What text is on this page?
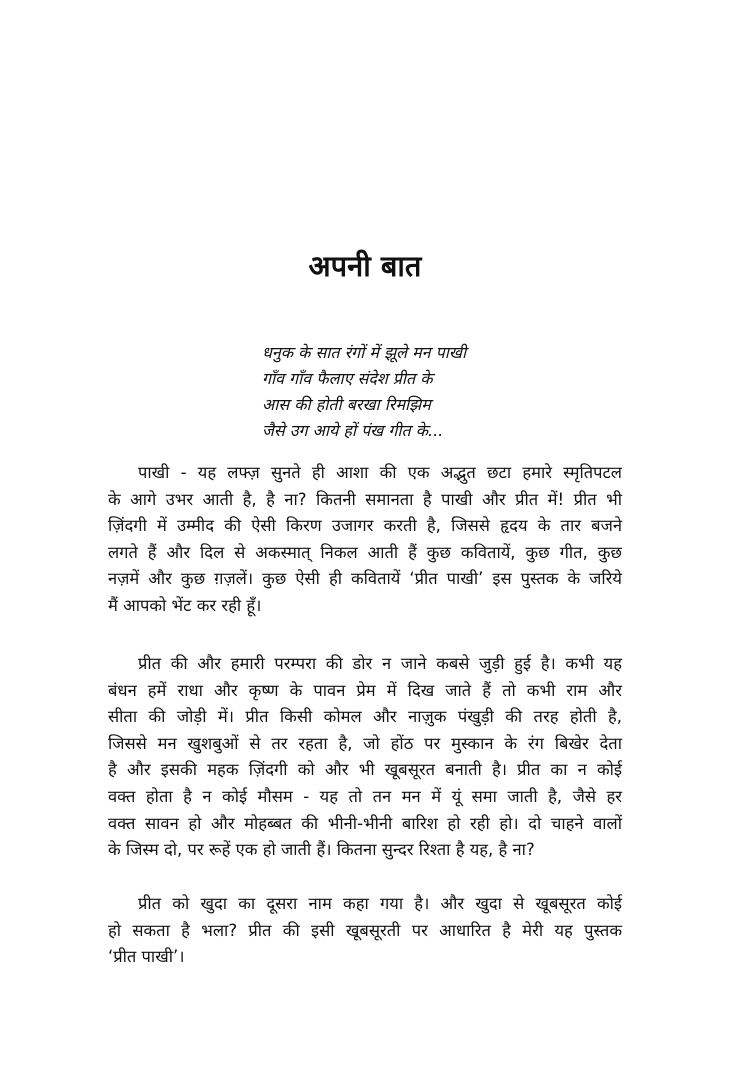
अपनी बात
धनुक के सात रंगों में झूले मन पाखी
गाँव गाँव फैलाए संदेश प्रीत के
आस की होती बरखा रिमझिम
जैसे उग आये हों पंख गीत के...
पाखी - यह लफ्ज़ सुनते ही आशा की एक अद्भुत छटा हमारे स्मृतिपटल
के आगे उभर आती है, है ना? कितनी समानता है पाखी और प्रीत में! प्रीत भी
ज़िंदगी में उम्मीद की ऐसी किरण उजागर करती है, जिससे हृदय के तार बजने
लगते हैं और दिल से अकस्मात् निकल आती हैं कुछ कवितायें, कुछ गीत, कुछ
नज़में और कुछ ग़ज़लें। कुछ ऐसी ही कवितायें ‘प्रीत पाखी’ इस पुस्तक के जरिये
मैं आपको भेंट कर रही हूँ।
प्रीत की और हमारी परम्परा की डोर न जाने कबसे जुड़ी हुई है। कभी यह
बंधन हमें राधा और कृष्ण के पावन प्रेम में दिख जाते हैं तो कभी राम और
सीता की जोड़ी में। प्रीत किसी कोमल और नाज़ुक पंखुड़ी की तरह होती है,
जिससे मन खुशबुओं से तर रहता है, जो होंठ पर मुस्कान के रंग बिखेर देता
है और इसकी महक ज़िंदगी को और भी खूबसूरत बनाती है। प्रीत का न कोई
वक्त होता है न कोई मौसम - यह तो तन मन में यूं समा जाती है, जैसे हर
वक्त सावन हो और मोहब्बत की भीनी-भीनी बारिश हो रही हो। दो चाहने वालों
के जिस्म दो, पर रूहें एक हो जाती हैं। कितना सुन्दर रिश्ता है यह, है ना?
प्रीत को खुदा का दूसरा नाम कहा गया है। और खुदा से खूबसूरत कोई
हो सकता है भला? प्रीत की इसी खूबसूरती पर आधारित है मेरी यह पुस्तक
‘प्रीत पाखी’।
